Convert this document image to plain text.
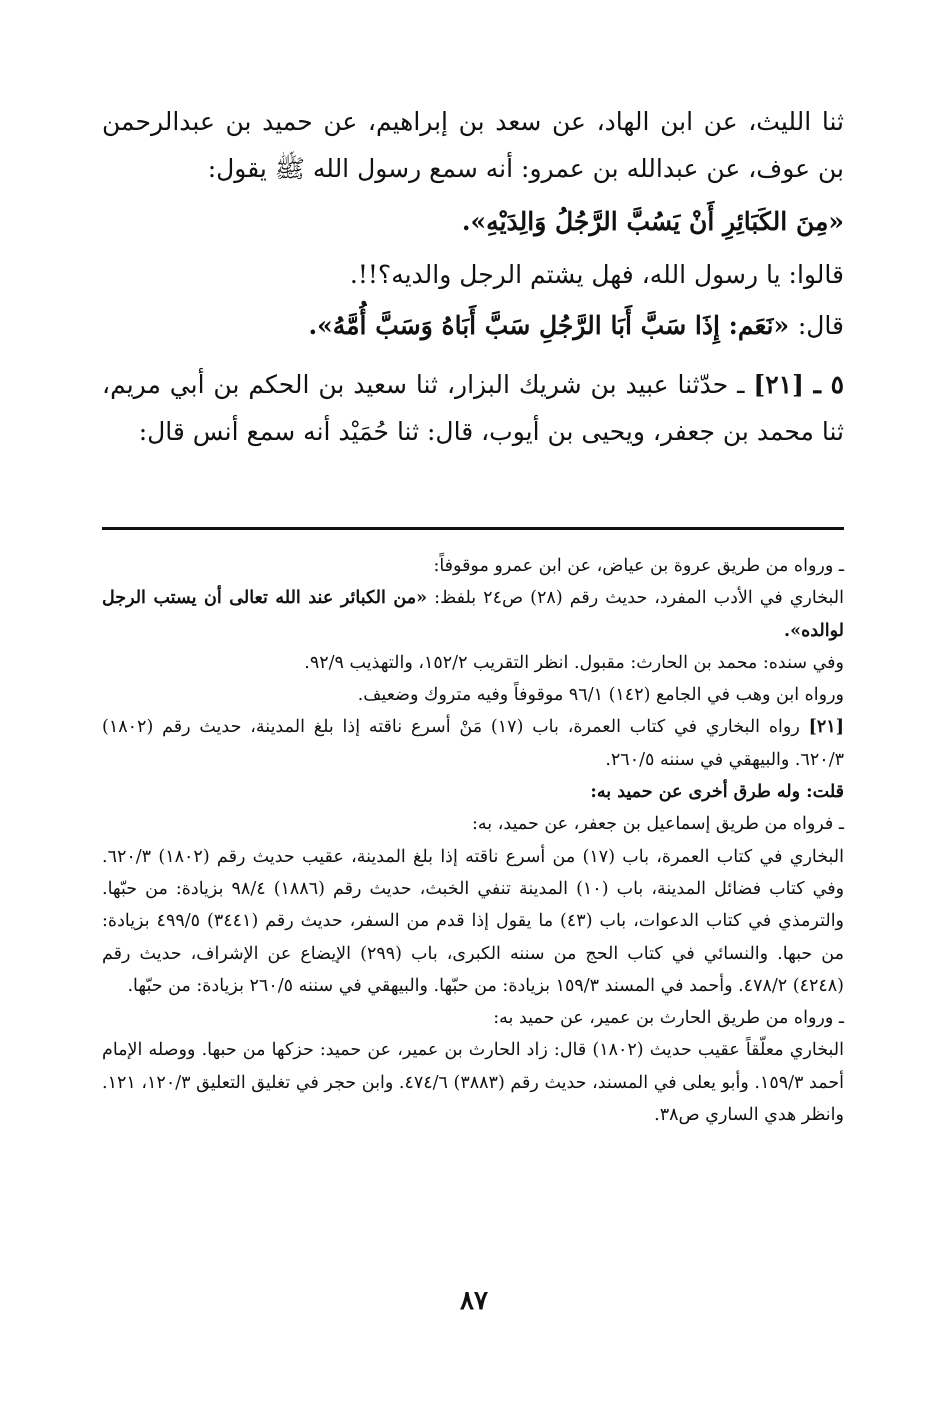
ثنا الليث، عن ابن الهاد، عن سعد بن إبراهيم، عن حميد بن عبدالرحمن بن عوف، عن عبدالله بن عمرو: أنه سمع رسول الله ﷺ يقول:

«مِنَ الكَبَائِرِ أَنْ يَسُبَّ الرَّجُلُ وَالِدَيْهِ».

قالوا: يا رسول الله، فهل يشتم الرجل والديه؟!!.

قال: «نَعَم: إِذَا سَبَّ أَبَا الرَّجُلِ سَبَّ أَبَاهُ وَسَبَّ أُمَّهُ».

٥ ـ [٢١] ـ حدّثنا عبيد بن شريك البزار، ثنا سعيد بن الحكم بن أبي مريم، ثنا محمد بن جعفر، ويحيى بن أيوب، قال: ثنا حُمَيْد أنه سمع أنس قال:

ـ ورواه من طريق عروة بن عياض، عن ابن عمرو موقوفاً:

البخاري في الأدب المفرد، حديث رقم (٢٨) ص٢٤ بلفظ: «من الكبائر عند الله تعالى أن يستب الرجل لوالده».

وفي سنده: محمد بن الحارث: مقبول. انظر التقريب ١٥٢/٢، والتهذيب ٩٢/٩.

ورواه ابن وهب في الجامع (١٤٢) ٩٦/١ موقوفاً وفيه متروك وضعيف.

[٢١] رواه البخاري في كتاب العمرة، باب (١٧) مَنْ أسرع ناقته إذا بلغ المدينة، حديث رقم (١٨٠٢) ٦٢٠/٣. والبيهقي في سننه ٢٦٠/٥.

قلت: وله طرق أخرى عن حميد به:

ـ فرواه من طريق إسماعيل بن جعفر، عن حميد، به:

البخاري في كتاب العمرة، باب (١٧) من أسرع ناقته إذا بلغ المدينة، عقيب حديث رقم (١٨٠٢) ٦٢٠/٣. وفي كتاب فضائل المدينة، باب (١٠) المدينة تنفي الخبث، حديث رقم (١٨٨٦) ٩٨/٤ بزيادة: من حبّها. والترمذي في كتاب الدعوات، باب (٤٣) ما يقول إذا قدم من السفر، حديث رقم (٣٤٤١) ٤٩٩/٥ بزيادة: من حبها. والنسائي في كتاب الحج من سننه الكبرى، باب (٢٩٩) الإيضاع عن الإشراف، حديث رقم (٤٢٤٨) ٤٧٨/٢. وأحمد في المسند ١٥٩/٣ بزيادة: من حبّها. والبيهقي في سننه ٢٦٠/٥ بزيادة: من حبّها.

ـ ورواه من طريق الحارث بن عمير، عن حميد به:

البخاري معلّقاً عقيب حديث (١٨٠٢) قال: زاد الحارث بن عمير، عن حميد: حزكها من حبها. ووصله الإمام أحمد ١٥٩/٣. وأبو يعلى في المسند، حديث رقم (٣٨٨٣) ٤٧٤/٦. وابن حجر في تغليق التعليق ١٢٠/٣، ١٢١. وانظر هدي الساري ص٣٨.

٨٧
